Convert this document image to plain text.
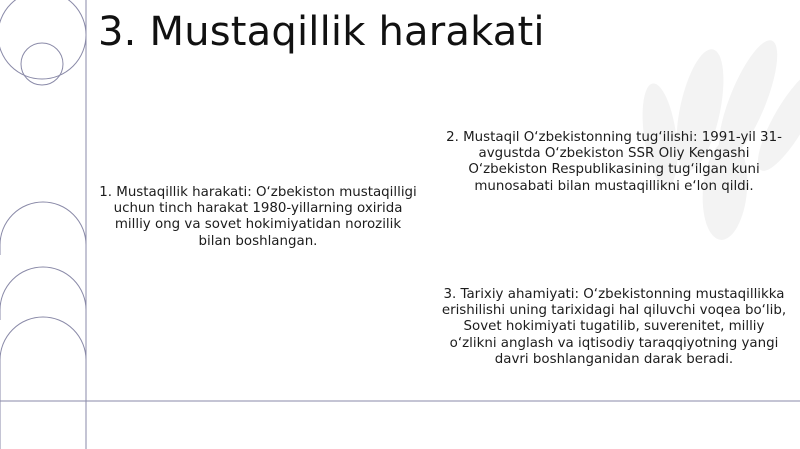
3. Mustaqillik harakati

1. Mustaqillik harakati: O‘zbekiston mustaqilligi uchun tinch harakat 1980-yillarning oxirida milliy ong va sovet hokimiyatidan norozilik bilan boshlangan.

2. Mustaqil O‘zbekistonning tug‘ilishi: 1991-yil 31-avgustda O‘zbekiston SSR Oliy Kengashi O‘zbekiston Respublikasining tug‘ilgan kuni munosabati bilan mustaqillikni e‘lon qildi.

3. Tarixiy ahamiyati: O‘zbekistonning mustaqillikka erishilishi uning tarixidagi hal qiluvchi voqea bo‘lib, Sovet hokimiyati tugatilib, suverenitet, milliy o‘zlikni anglash va iqtisodiy taraqqiyotning yangi davri boshlanganidan darak beradi.
